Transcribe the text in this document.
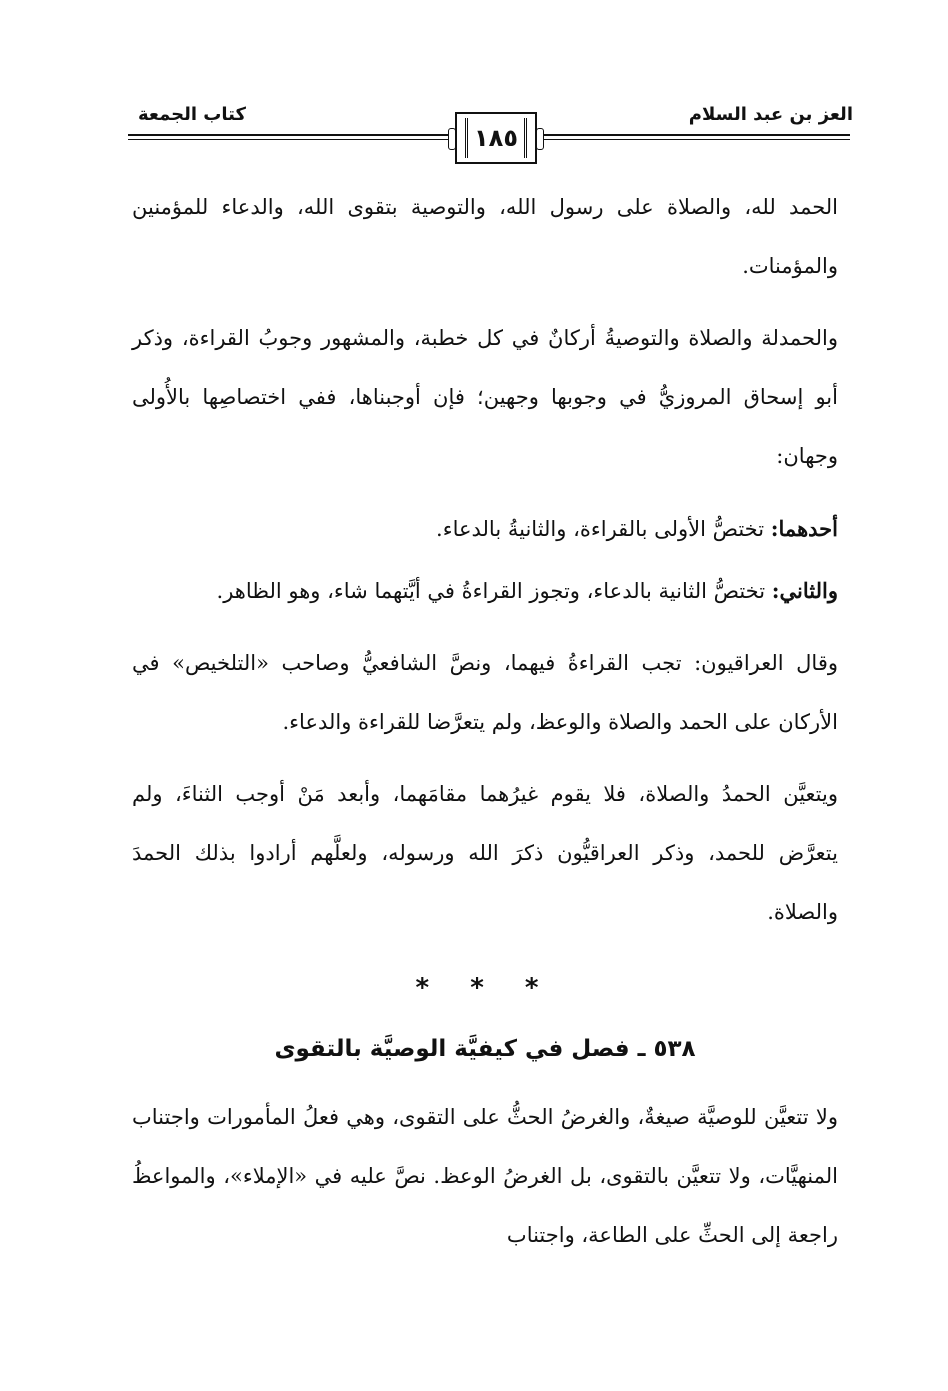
العز بن عبد السلام
كتاب الجمعة
١٨٥

الحمد لله، والصلاة على رسول الله، والتوصية بتقوى الله، والدعاء للمؤمنين والمؤمنات.

والحمدلة والصلاة والتوصيةُ أركانٌ في كل خطبة، والمشهور وجوبُ القراءة، وذكر أبو إسحاق المروزيُّ في وجوبها وجهين؛ فإن أوجبناها، ففي اختصاصِها بالأُولى وجهان:

أحدهما: تختصُّ الأولى بالقراءة، والثانيةُ بالدعاء.

والثاني: تختصُّ الثانية بالدعاء، وتجوز القراءةُ في أيَّتهما شاء، وهو الظاهر.

وقال العراقيون: تجب القراءةُ فيهما، ونصَّ الشافعيُّ وصاحب «التلخيص» في الأركان على الحمد والصلاة والوعظ، ولم يتعرَّضا للقراءة والدعاء.

ويتعيَّن الحمدُ والصلاة، فلا يقوم غيرُهما مقامَهما، وأبعد مَنْ أوجب الثناءَ، ولم يتعرَّض للحمد، وذكر العراقيُّون ذكرَ الله ورسوله، ولعلَّهم أرادوا بذلك الحمدَ والصلاة.

* * *
٥٣٨ ـ فصل في كيفيَّة الوصيَّة بالتقوى

ولا تتعيَّن للوصيَّة صيغةٌ، والغرضُ الحثُّ على التقوى، وهي فعلُ المأمورات واجتناب المنهيَّات، ولا تتعيَّن بالتقوى، بل الغرضُ الوعظ. نصَّ عليه في «الإملاء»، والمواعظُ راجعة إلى الحثِّ على الطاعة، واجتناب
